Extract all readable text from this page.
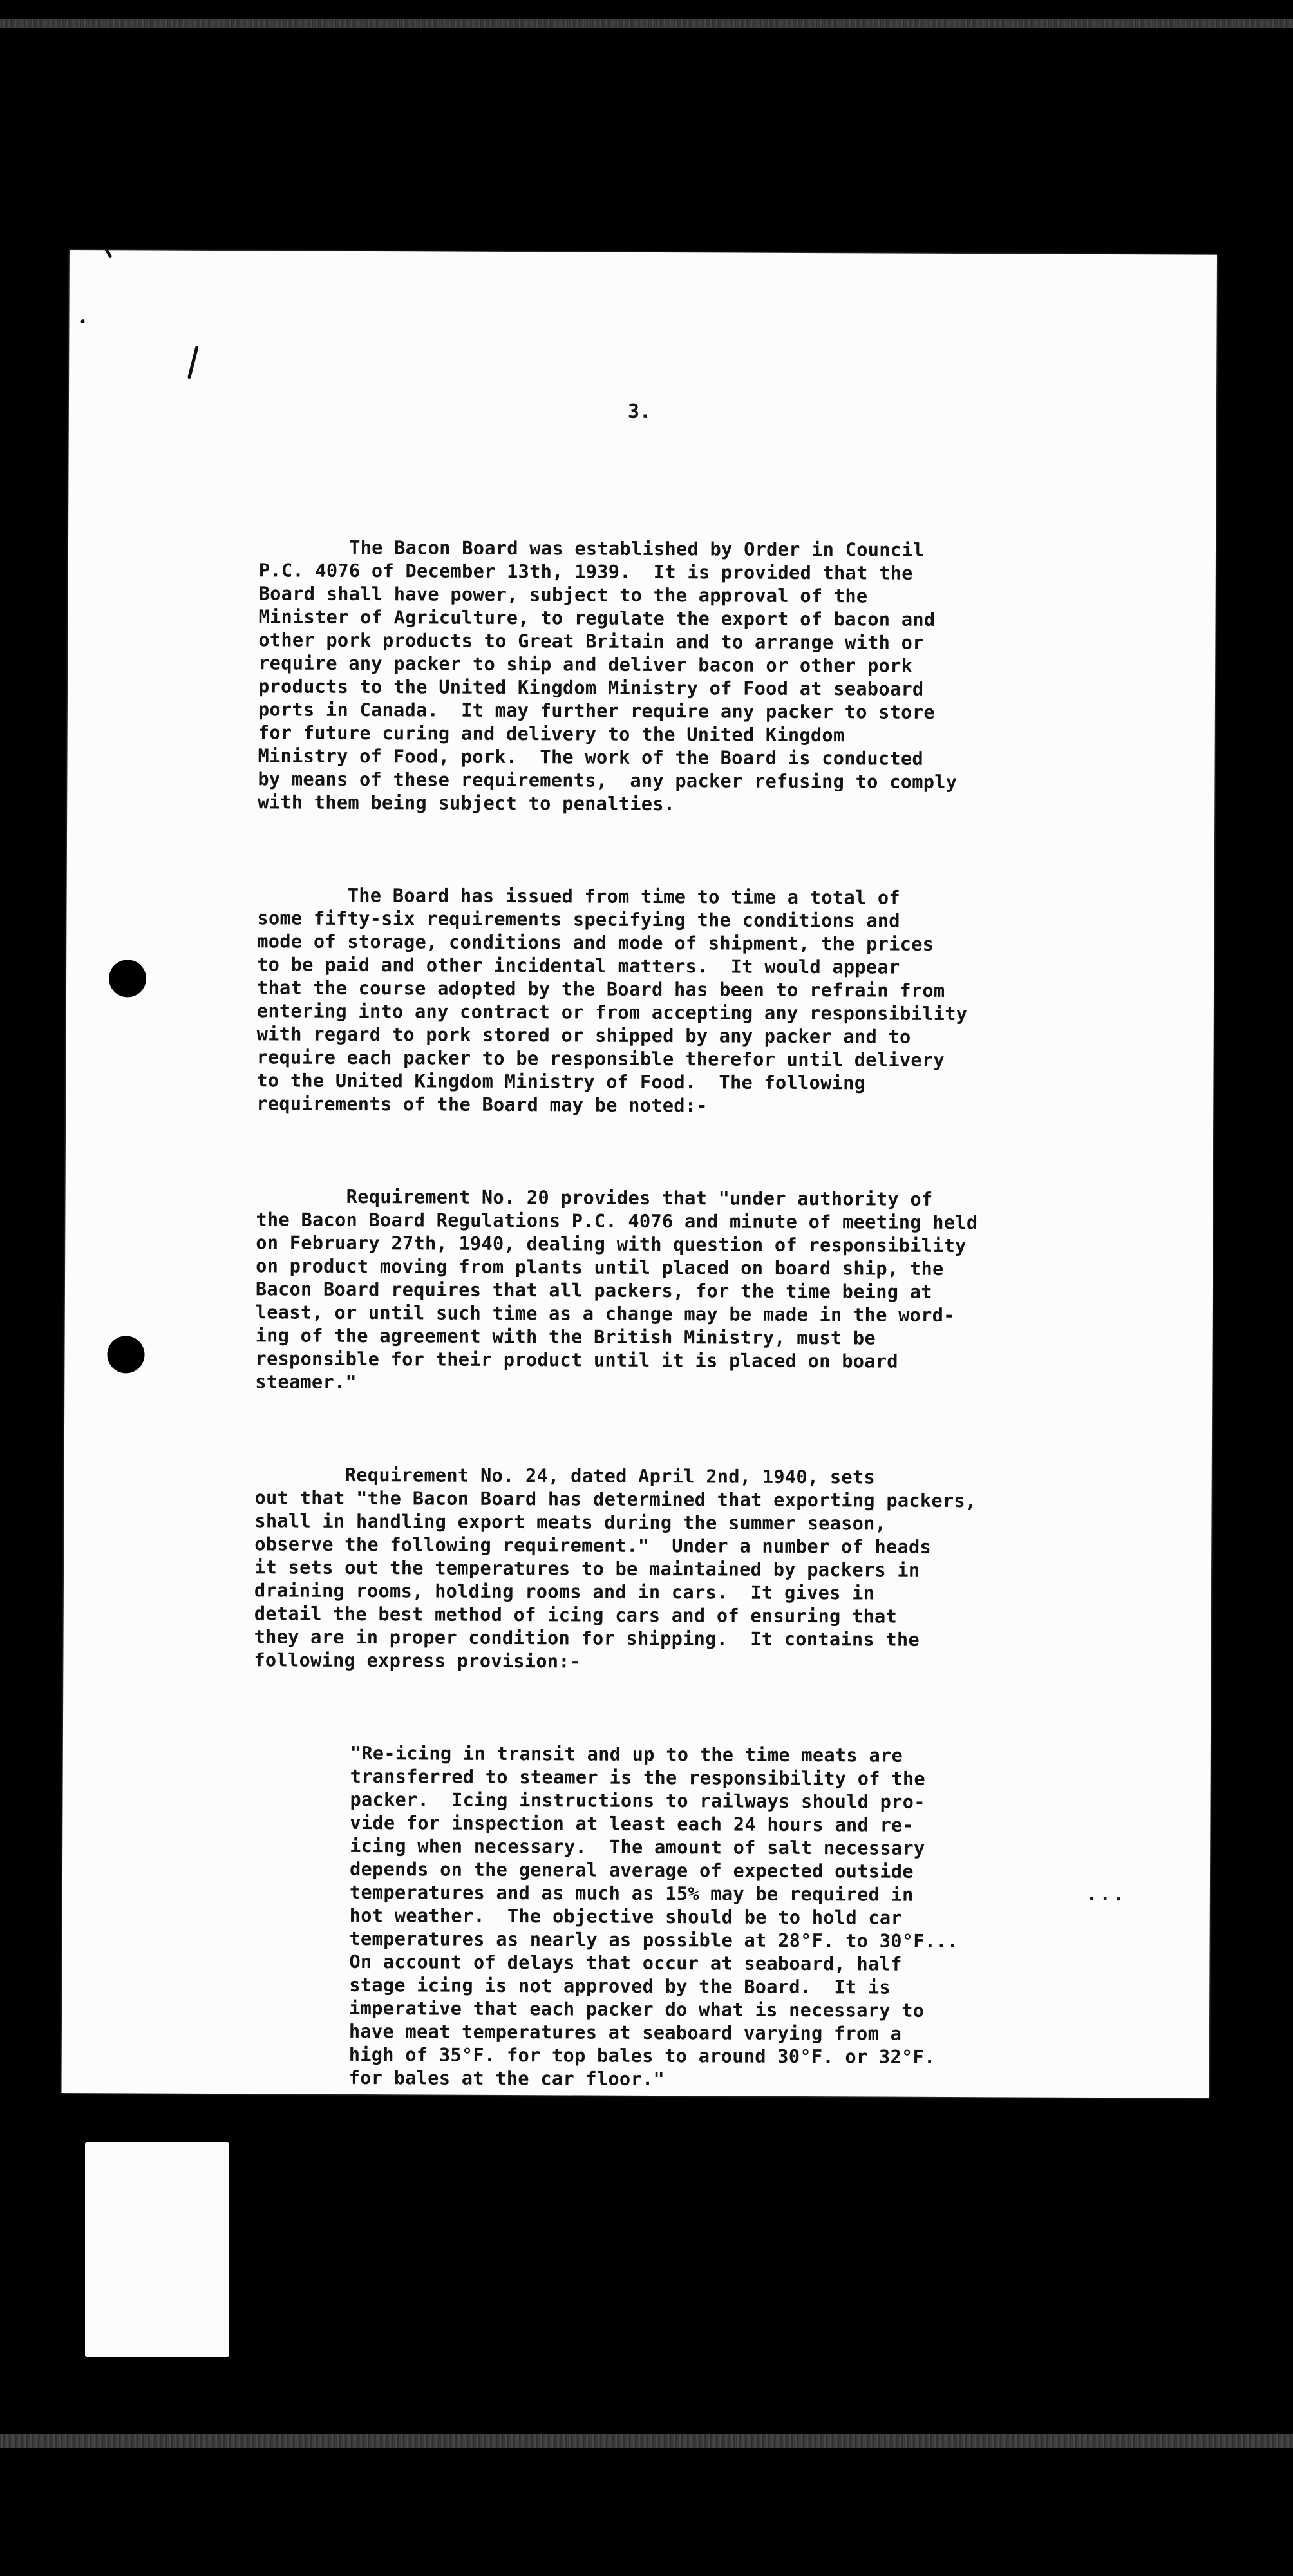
3.

The Bacon Board was established by Order in Council
P.C. 4076 of December 13th, 1939.  It is provided that the
Board shall have power, subject to the approval of the
Minister of Agriculture, to regulate the export of bacon and
other pork products to Great Britain and to arrange with or
require any packer to ship and deliver bacon or other pork
products to the United Kingdom Ministry of Food at seaboard
ports in Canada.  It may further require any packer to store
for future curing and delivery to the United Kingdom
Ministry of Food, pork.  The work of the Board is conducted
by means of these requirements,  any packer refusing to comply
with them being subject to penalties.

The Board has issued from time to time a total of
some fifty-six requirements specifying the conditions and
mode of storage, conditions and mode of shipment, the prices
to be paid and other incidental matters.  It would appear
that the course adopted by the Board has been to refrain from
entering into any contract or from accepting any responsibility
with regard to pork stored or shipped by any packer and to
require each packer to be responsible therefor until delivery
to the United Kingdom Ministry of Food.  The following
requirements of the Board may be noted:-

Requirement No. 20 provides that "under authority of
the Bacon Board Regulations P.C. 4076 and minute of meeting held
on February 27th, 1940, dealing with question of responsibility
on product moving from plants until placed on board ship, the
Bacon Board requires that all packers, for the time being at
least, or until such time as a change may be made in the word-
ing of the agreement with the British Ministry, must be
responsible for their product until it is placed on board
steamer."

Requirement No. 24, dated April 2nd, 1940, sets
out that "the Bacon Board has determined that exporting packers,
shall in handling export meats during the summer season,
observe the following requirement."  Under a number of heads
it sets out the temperatures to be maintained by packers in
draining rooms, holding rooms and in cars.  It gives in
detail the best method of icing cars and of ensuring that
they are in proper condition for shipping.  It contains the
following express provision:-

"Re-icing in transit and up to the time meats are
transferred to steamer is the responsibility of the
packer.  Icing instructions to railways should pro-
vide for inspection at least each 24 hours and re-
icing when necessary.  The amount of salt necessary
depends on the general average of expected outside
temperatures and as much as 15% may be required in
hot weather.  The objective should be to hold car
temperatures as nearly as possible at 28°F. to 30°F...
On account of delays that occur at seaboard, half
stage icing is not approved by the Board.  It is
imperative that each packer do what is necessary to
have meat temperatures at seaboard varying from a
high of 35°F. for top bales to around 30°F. or 32°F.
for bales at the car floor."

...
